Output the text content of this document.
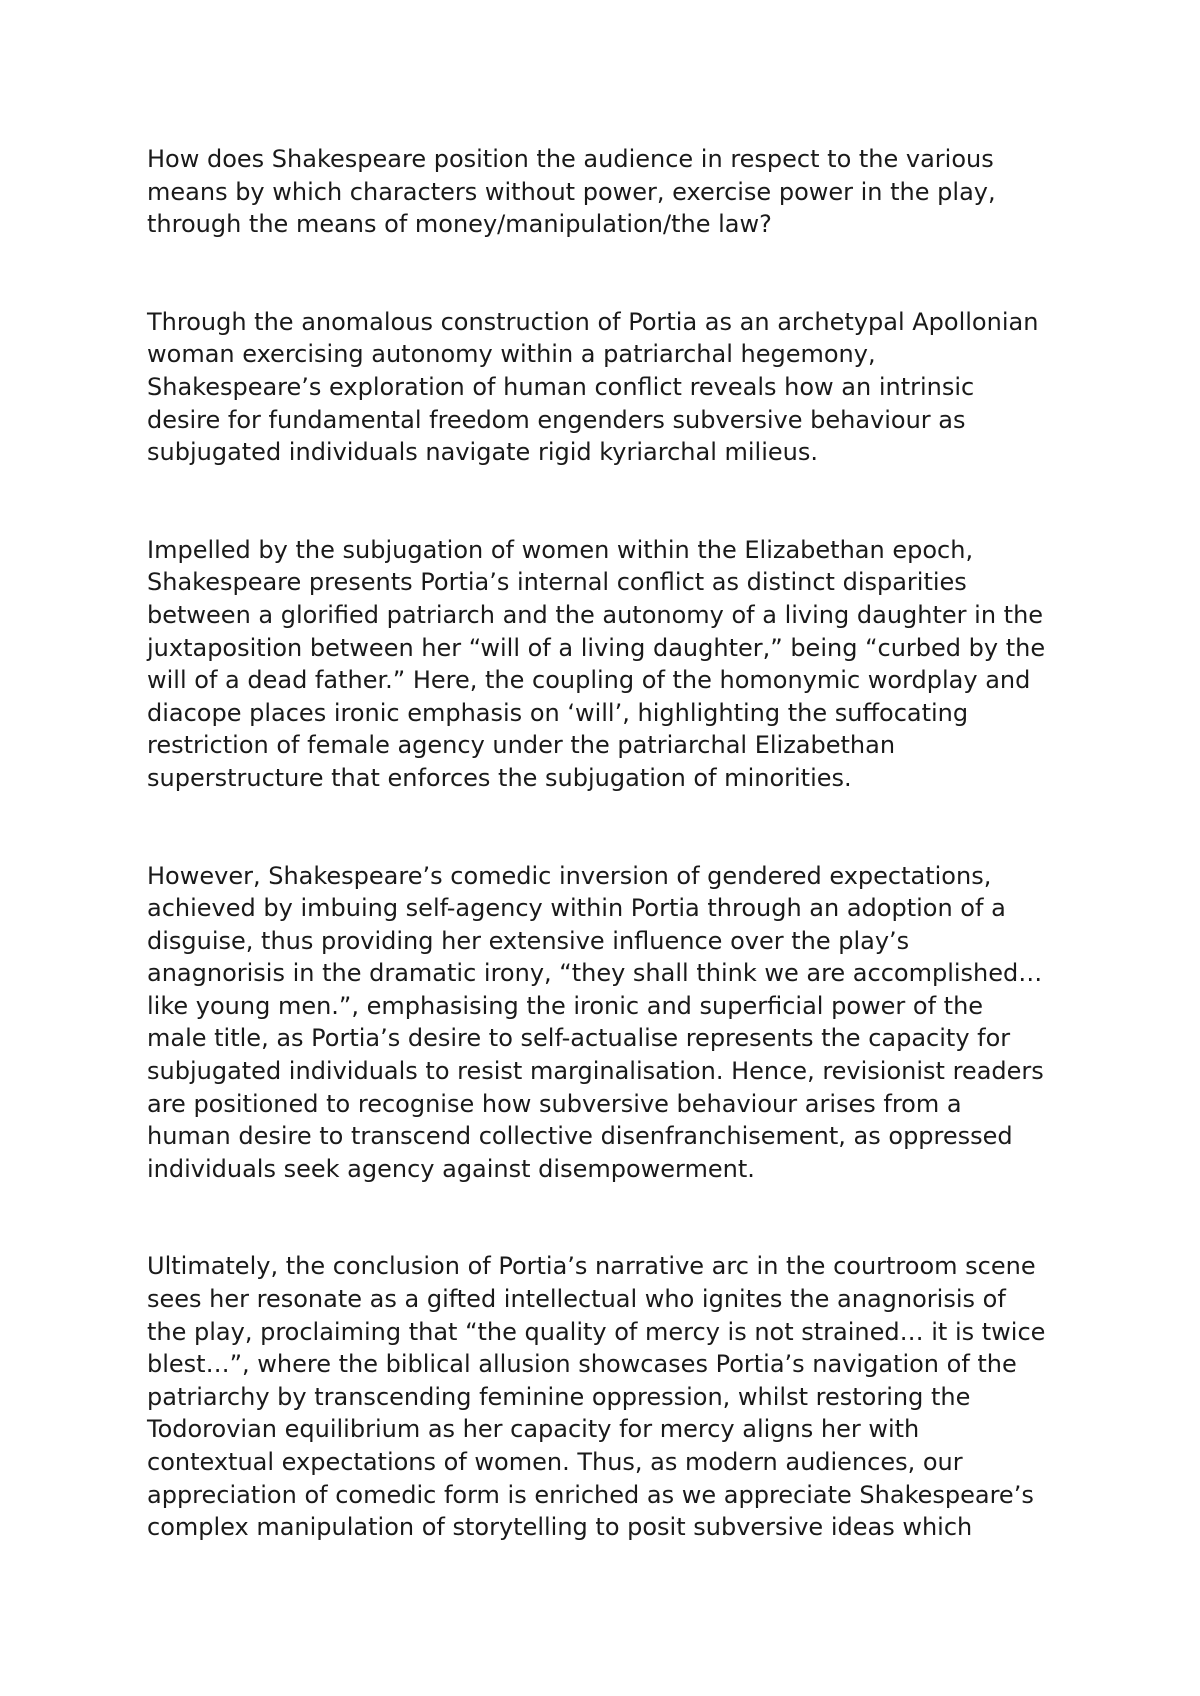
How does Shakespeare position the audience in respect to the various
means by which characters without power, exercise power in the play,
through the means of money/manipulation/the law?

Through the anomalous construction of Portia as an archetypal Apollonian
woman exercising autonomy within a patriarchal hegemony,
Shakespeare’s exploration of human conflict reveals how an intrinsic
desire for fundamental freedom engenders subversive behaviour as
subjugated individuals navigate rigid kyriarchal milieus.

Impelled by the subjugation of women within the Elizabethan epoch,
Shakespeare presents Portia’s internal conflict as distinct disparities
between a glorified patriarch and the autonomy of a living daughter in the
juxtaposition between her “will of a living daughter,” being “curbed by the
will of a dead father.” Here, the coupling of the homonymic wordplay and
diacope places ironic emphasis on ‘will’, highlighting the suffocating
restriction of female agency under the patriarchal Elizabethan
superstructure that enforces the subjugation of minorities.

However, Shakespeare’s comedic inversion of gendered expectations,
achieved by imbuing self-agency within Portia through an adoption of a
disguise, thus providing her extensive influence over the play’s
anagnorisis in the dramatic irony, “they shall think we are accomplished…
like young men.”, emphasising the ironic and superficial power of the
male title, as Portia’s desire to self-actualise represents the capacity for
subjugated individuals to resist marginalisation. Hence, revisionist readers
are positioned to recognise how subversive behaviour arises from a
human desire to transcend collective disenfranchisement, as oppressed
individuals seek agency against disempowerment.

Ultimately, the conclusion of Portia’s narrative arc in the courtroom scene
sees her resonate as a gifted intellectual who ignites the anagnorisis of
the play, proclaiming that “the quality of mercy is not strained… it is twice
blest…”, where the biblical allusion showcases Portia’s navigation of the
patriarchy by transcending feminine oppression, whilst restoring the
Todorovian equilibrium as her capacity for mercy aligns her with
contextual expectations of women. Thus, as modern audiences, our
appreciation of comedic form is enriched as we appreciate Shakespeare’s
complex manipulation of storytelling to posit subversive ideas which
